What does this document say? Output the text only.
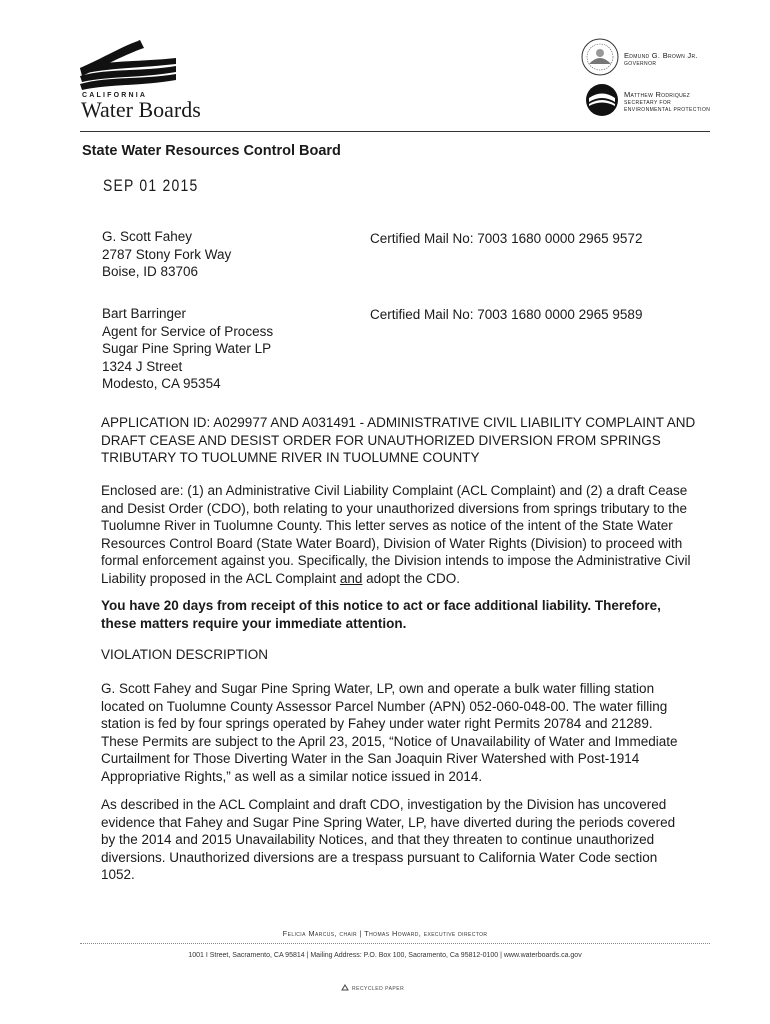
CALIFORNIA
Water Boards
Edmund G. Brown Jr.
GOVERNOR
Matthew Rodriquez
SECRETARY FOR
ENVIRONMENTAL PROTECTION
State Water Resources Control Board
SEP 01 2015
G. Scott Fahey
2787 Stony Fork Way
Boise, ID 83706
Certified Mail No: 7003 1680 0000 2965 9572
Bart Barringer
Agent for Service of Process
Sugar Pine Spring Water LP
1324 J Street
Modesto, CA 95354
Certified Mail No: 7003 1680 0000 2965 9589
APPLICATION ID: A029977 AND A031491 - ADMINISTRATIVE CIVIL LIABILITY COMPLAINT AND DRAFT CEASE AND DESIST ORDER FOR UNAUTHORIZED DIVERSION FROM SPRINGS TRIBUTARY TO TUOLUMNE RIVER IN TUOLUMNE COUNTY
Enclosed are: (1) an Administrative Civil Liability Complaint (ACL Complaint) and (2) a draft Cease and Desist Order (CDO), both relating to your unauthorized diversions from springs tributary to the Tuolumne River in Tuolumne County. This letter serves as notice of the intent of the State Water Resources Control Board (State Water Board), Division of Water Rights (Division) to proceed with formal enforcement against you. Specifically, the Division intends to impose the Administrative Civil Liability proposed in the ACL Complaint and adopt the CDO.
You have 20 days from receipt of this notice to act or face additional liability. Therefore, these matters require your immediate attention.
VIOLATION DESCRIPTION
G. Scott Fahey and Sugar Pine Spring Water, LP, own and operate a bulk water filling station located on Tuolumne County Assessor Parcel Number (APN) 052-060-048-00. The water filling station is fed by four springs operated by Fahey under water right Permits 20784 and 21289. These Permits are subject to the April 23, 2015, “Notice of Unavailability of Water and Immediate Curtailment for Those Diverting Water in the San Joaquin River Watershed with Post-1914 Appropriative Rights,” as well as a similar notice issued in 2014.
As described in the ACL Complaint and draft CDO, investigation by the Division has uncovered evidence that Fahey and Sugar Pine Spring Water, LP, have diverted during the periods covered by the 2014 and 2015 Unavailability Notices, and that they threaten to continue unauthorized diversions. Unauthorized diversions are a trespass pursuant to California Water Code section 1052.
Felicia Marcus, chair | Thomas Howard, executive director
1001 I Street, Sacramento, CA 95814 | Mailing Address: P.O. Box 100, Sacramento, Ca 95812-0100 | www.waterboards.ca.gov
RECYCLED PAPER
